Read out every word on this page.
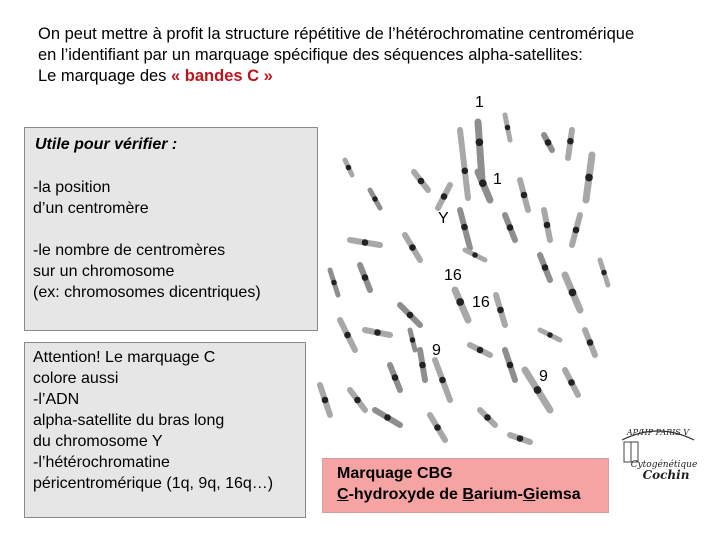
On peut mettre à profit la structure répétitive de l’hétérochromatine centromérique
en l’identifiant par un marquage spécifique des séquences alpha-satellites:
Le marquage des « bandes C »
1
1
Y
16
16
9
9
Utile pour vérifier :
-la position
d’un centromère
-le nombre de centromères
sur un chromosome
(ex: chromosomes dicentriques)
Attention! Le marquage C
colore aussi
-l’ADN
alpha-satellite du bras long
du chromosome Y
-l’hétérochromatine
péricentromérique (1q, 9q, 16q…)
Marquage CBG
C-hydroxyde de Barium-Giemsa
AP/HP PARIS V
Cytogénétique
Cochin
